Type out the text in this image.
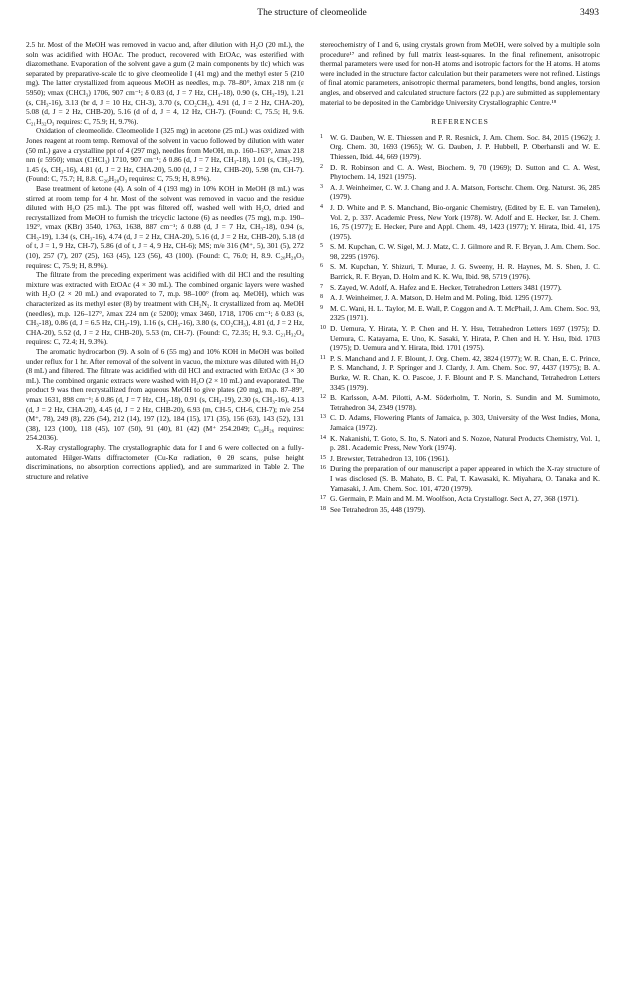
The structure of cleomeolide	3493

2.5 hr. Most of the MeOH was removed in vacuo and, after dilution with H₂O (20 mL), the soln was acidified with HOAc. The product, recovered with EtOAc, was esterified with diazomethane. Evaporation of the solvent gave a gum (2 main components by tlc) which was separated by preparative-scale tlc to give cleomeolide I (41 mg) and the methyl ester 5 (210 mg). The latter crystallized from aqueous MeOH as needles, m.p. 78–80°, λmax 218 nm (ε 5950); νmax (CHCl₃) 1706, 907 cm⁻¹; δ 0.83 (d, J = 7 Hz, CH₃-18), 0.90 (s, CH₃-19), 1.21 (s, CH₃-16), 3.13 (br d, J = 10 Hz, CH-3), 3.70 (s, CO₂CH₃), 4.91 (d, J = 2 Hz, CHA-20), 5.08 (d, J = 2 Hz, CHB-20), 5.16 (d of d, J = 4, 12 Hz, CH-7). (Found: C, 75.5; H, 9.6. C₂₁H₃₂O₃ requires: C, 75.9; H, 9.7%).

Oxidation of cleomeolide. Cleomeolide I (325 mg) in acetone (25 mL) was oxidized with Jones reagent at room temp. Removal of the solvent in vacuo followed by dilution with water (50 mL) gave a crystalline ppt of 4 (297 mg), needles from MeOH, m.p. 160–163°, λmax 218 nm (ε 5950); νmax (CHCl₃) 1710, 907 cm⁻¹; δ 0.86 (d, J = 7 Hz, CH₃-18), 1.01 (s, CH₃-19), 1.45 (s, CH₃-16), 4.81 (d, J = 2 Hz, CHA-20), 5.00 (d, J = 2 Hz, CHB-20), 5.98 (m, CH-7). (Found: C, 75.7; H, 8.8. C₂₀H₂₈O₃ requires: C, 75.9; H, 8.9%).

Base treatment of ketone (4). A soln of 4 (193 mg) in 10% KOH in MeOH (8 mL) was stirred at room temp for 4 hr. Most of the solvent was removed in vacuo and the residue diluted with H₂O (25 mL). The ppt was filtered off, washed well with H₂O, dried and recrystallized from MeOH to furnish the tricyclic lactone (6) as needles (75 mg), m.p. 190–192°, νmax (KBr) 3540, 1763, 1638, 887 cm⁻¹; δ 0.88 (d, J = 7 Hz, CH₃-18), 0.94 (s, CH₃-19), 1.34 (s, CH₃-16), 4.74 (d, J = 2 Hz, CHA-20), 5.16 (d, J = 2 Hz, CHB-20), 5.18 (d of t, J = 1, 9 Hz, CH-7), 5.86 (d of t, J = 4, 9 Hz, CH-6); MS; m/e 316 (M⁺, 5), 301 (5), 272 (10), 257 (7), 207 (25), 163 (45), 123 (56), 43 (100). (Found: C, 76.0; H, 8.9. C₂₀H₂₈O₃ requires: C, 75.9; H, 8.9%).

The filtrate from the preceding experiment was acidified with dil HCl and the resulting mixture was extracted with EtOAc (4 × 30 mL). The combined organic layers were washed with H₂O (2 × 20 mL) and evaporated to 7, m.p. 98–100° (from aq. MeOH), which was characterized as its methyl ester (8) by treatment with CH₂N₂. It crystallized from aq. MeOH (needles), m.p. 126–127°, λmax 224 nm (ε 5200); νmax 3460, 1718, 1706 cm⁻¹; δ 0.83 (s, CH₃-18), 0.86 (d, J = 6.5 Hz, CH₃-19), 1.16 (s, CH₃-16), 3.80 (s, CO₂CH₃), 4.81 (d, J = 2 Hz, CHA-20), 5.52 (d, J = 2 Hz, CHB-20), 5.53 (m, CH-7). (Found: C, 72.35; H, 9.3. C₂₁H₃₂O₄ requires: C, 72.4; H, 9.3%).

The aromatic hydrocarbon (9). A soln of 6 (55 mg) and 10% KOH in MeOH was boiled under reflux for 1 hr. After removal of the solvent in vacuo, the mixture was diluted with H₂O (8 mL) and filtered. The filtrate was acidified with dil HCl and extracted with EtOAc (3 × 30 mL). The combined organic extracts were washed with H₂O (2 × 10 mL) and evaporated. The product 9 was then recrystallized from aqueous MeOH to give plates (20 mg), m.p. 87–89°, νmax 1631, 898 cm⁻¹; δ 0.86 (d, J = 7 Hz, CH₃-18), 0.91 (s, CH₃-19), 2.30 (s, CH₃-16), 4.13 (d, J = 2 Hz, CHA-20), 4.45 (d, J = 2 Hz, CHB-20), 6.93 (m, CH-5, CH-6, CH-7); m/e 254 (M⁺, 78), 249 (8), 226 (54), 212 (14), 197 (12), 184 (15), 171 (35), 156 (63), 143 (52), 131 (38), 123 (100), 118 (45), 107 (50), 91 (40), 81 (42) (M⁺ 254.2049; C₁₉H₂₆ requires: 254.2036).

X-Ray crystallography. The crystallographic data for I and 6 were collected on a fully-automated Hilger-Watts diffractometer (Cu-Kα radiation, θ 2θ scans, pulse height discriminations, no absorption corrections applied), and are summarized in Table 2. The structure and relative

stereochemistry of I and 6, using crystals grown from MeOH, were solved by a multiple soln procedure¹⁷ and refined by full matrix least-squares. In the final refinement, anisotropic thermal parameters were used for non-H atoms and isotropic factors for the H atoms. H atoms were included in the structure factor calculation but their parameters were not refined. Listings of final atomic parameters, anisotropic thermal parameters, bond lengths, bond angles, torsion angles, and observed and calculated structure factors (22 p.p.) are submitted as supplementary material to be deposited in the Cambridge University Crystallographic Centre.¹⁸

REFERENCES
1 W. G. Dauben, W. E. Thiessen and P. R. Resnick, J. Am. Chem. Soc. 84, 2015 (1962); J. Org. Chem. 30, 1693 (1965); W. G. Dauben, J. P. Hubbell, P. Oberhansli and W. E. Thiessen, Ibid. 44, 669 (1979).
2 D. R. Robinson and C. A. West, Biochem. 9, 70 (1969); D. Sutton and C. A. West, Phytochem. 14, 1921 (1975).
3 A. J. Weinheimer, C. W. J. Chang and J. A. Matson, Fortschr. Chem. Org. Naturst. 36, 285 (1979).
4 J. D. White and P. S. Manchand, Bio-organic Chemistry, (Edited by E. E. van Tamelen), Vol. 2, p. 337. Academic Press, New York (1978). W. Adolf and E. Hecker, Isr. J. Chem. 16, 75 (1977); E. Hecker, Pure and Appl. Chem. 49, 1423 (1977); Y. Hirata, Ibid. 41, 175 (1975).
5 S. M. Kupchan, C. W. Sigel, M. J. Matz, C. J. Gilmore and R. F. Bryan, J. Am. Chem. Soc. 98, 2295 (1976).
6 S. M. Kupchan, Y. Shizuri, T. Murae, J. G. Sweeny, H. R. Haynes, M. S. Shen, J. C. Barrick, R. F. Bryan, D. Holm and K. K. Wu, Ibid. 98, 5719 (1976).
7 S. Zayed, W. Adolf, A. Hafez and E. Hecker, Tetrahedron Letters 3481 (1977).
8 A. J. Weinheimer, J. A. Matson, D. Helm and M. Poling, Ibid. 1295 (1977).
9 M. C. Wani, H. L. Taylor, M. E. Wall, P. Coggon and A. T. McPhail, J. Am. Chem. Soc. 93, 2325 (1971).
10 D. Uemura, Y. Hirata, Y. P. Chen and H. Y. Hsu, Tetrahedron Letters 1697 (1975); D. Uemura, C. Katayama, E. Uno, K. Sasaki, Y. Hirata, P. Chen and H. Y. Hsu, Ibid. 1703 (1975); D. Uemura and Y. Hirata, Ibid. 1701 (1975).
11 P. S. Manchand and J. F. Blount, J. Org. Chem. 42, 3824 (1977); W. R. Chan, E. C. Prince, P. S. Manchand, J. P. Springer and J. Clardy, J. Am. Chem. Soc. 97, 4437 (1975); B. A. Burke, W. R. Chan, K. O. Pascoe, J. F. Blount and P. S. Manchand, Tetrahedron Letters 3345 (1979).
12 B. Karlsson, A-M. Pilotti, A-M. Söderholm, T. Norin, S. Sundin and M. Sumimoto, Tetrahedron 34, 2349 (1978).
13 C. D. Adams, Flowering Plants of Jamaica, p. 303, University of the West Indies, Mona, Jamaica (1972).
14 K. Nakanishi, T. Goto, S. Ito, S. Natori and S. Nozoe, Natural Products Chemistry, Vol. 1, p. 281. Academic Press, New York (1974).
15 J. Brewster, Tetrahedron 13, 106 (1961).
16 During the preparation of our manuscript a paper appeared in which the X-ray structure of I was disclosed (S. B. Mahato, B. C. Pal, T. Kawasaki, K. Miyahara, O. Tanaka and K. Yamasaki, J. Am. Chem. Soc. 101, 4720 (1979).
17 G. Germain, P. Main and M. M. Woolfson, Acta Crystallogr. Sect A, 27, 368 (1971).
18 See Tetrahedron 35, 448 (1979).
